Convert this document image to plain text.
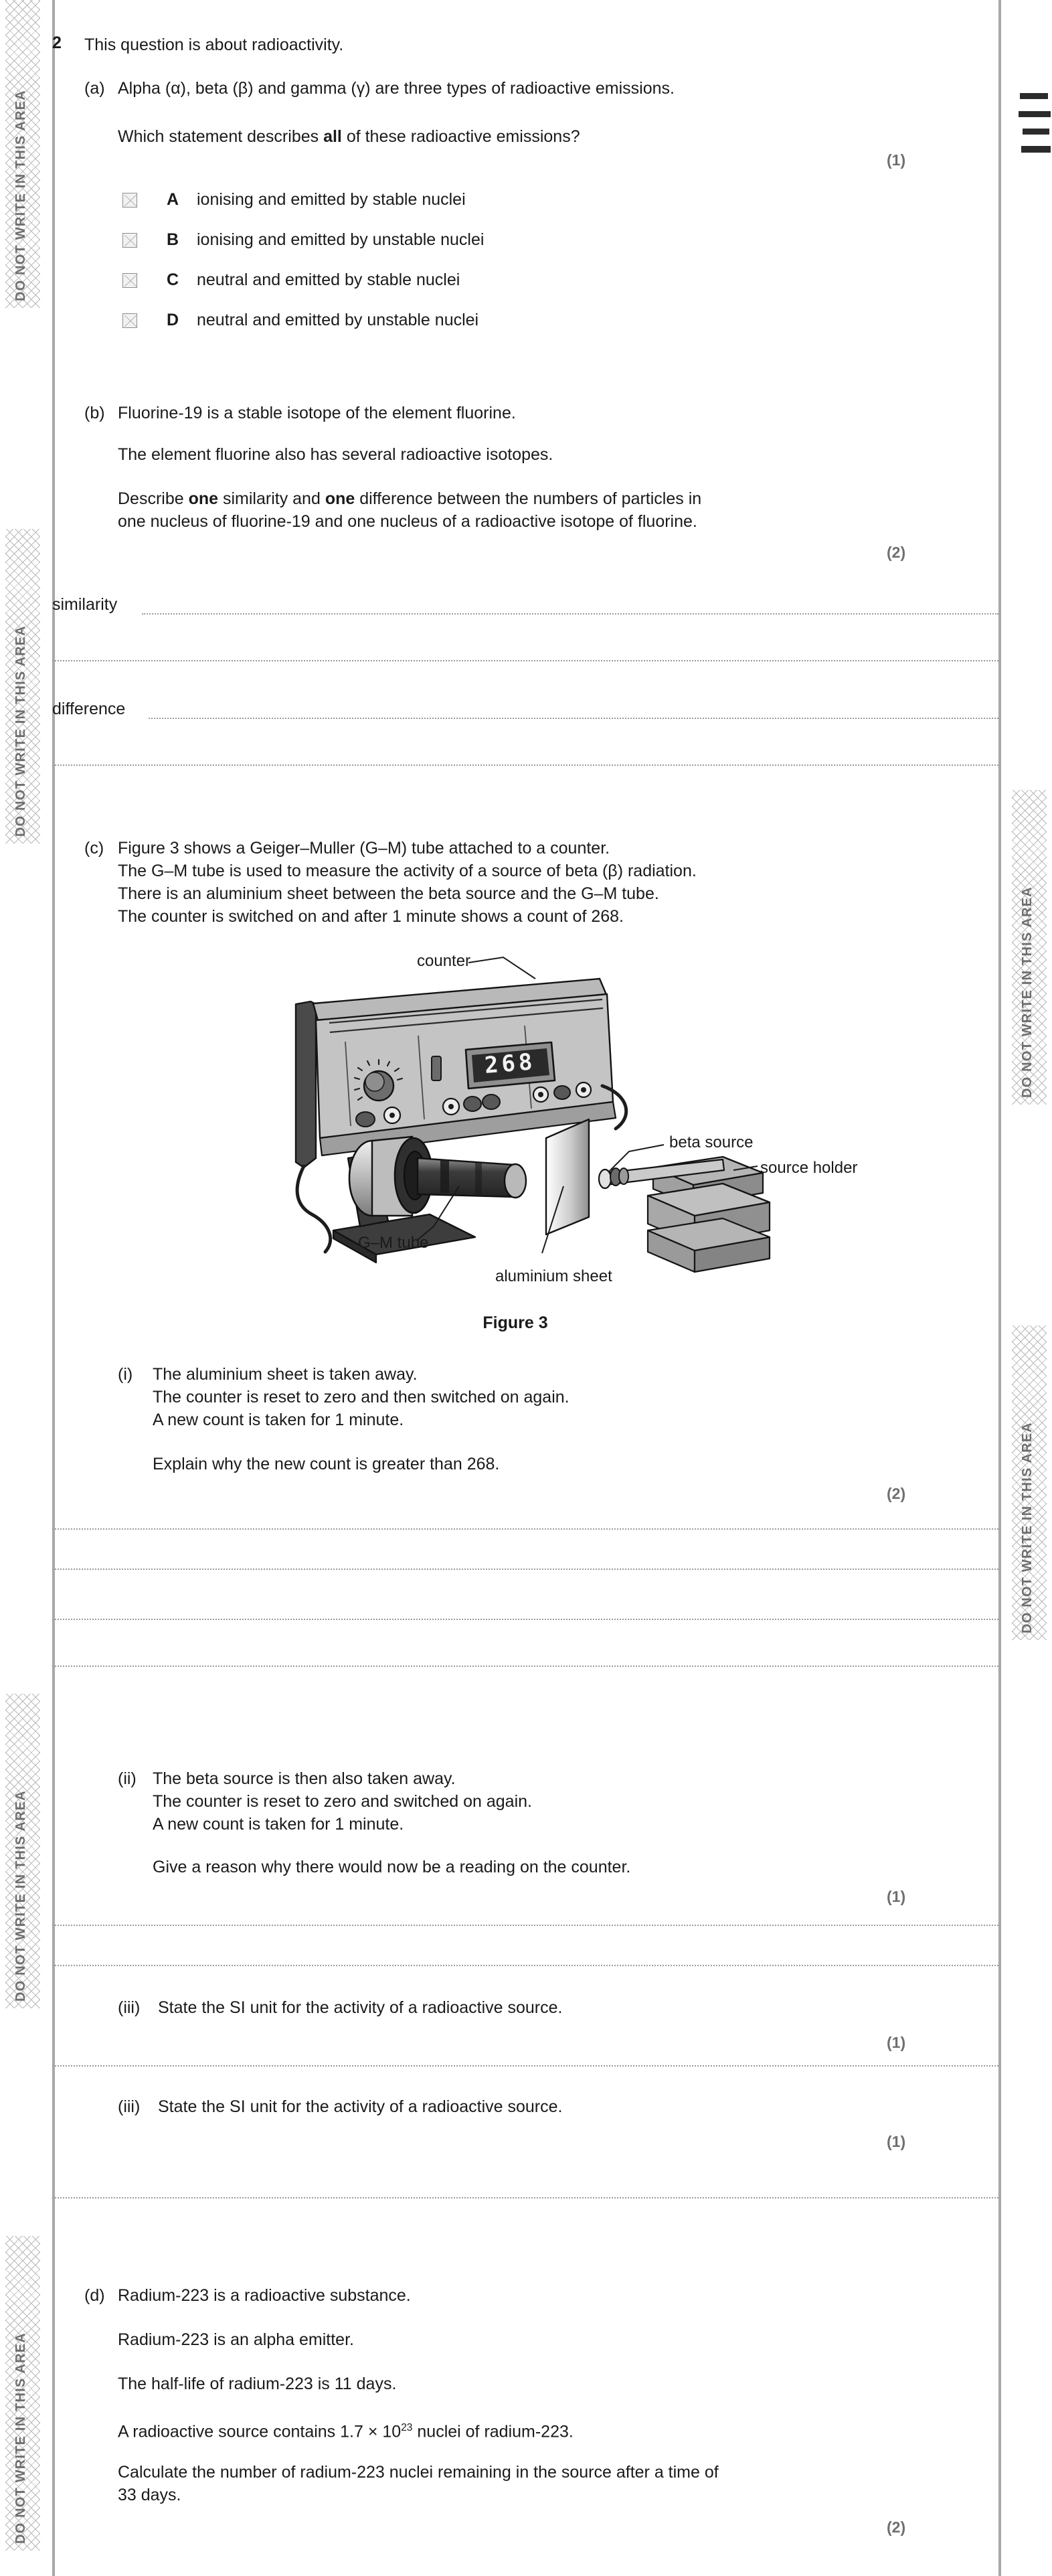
DO NOT WRITE IN THIS AREA
DO NOT WRITE IN THIS AREA
DO NOT WRITE IN THIS AREA
DO NOT WRITE IN THIS AREA
DO NOT WRITE IN THIS AREA
DO NOT WRITE IN THIS AREA
2 This question is about radioactivity.
(a) Alpha (α), beta (β) and gamma (γ) are three types of radioactive emissions.
Which statement describes all of these radioactive emissions?
(1)
A ionising and emitted by stable nuclei
B ionising and emitted by unstable nuclei
C neutral and emitted by stable nuclei
D neutral and emitted by unstable nuclei
(b) Fluorine-19 is a stable isotope of the element fluorine.
The element fluorine also has several radioactive isotopes.
Describe one similarity and one difference between the numbers of particles in
one nucleus of fluorine-19 and one nucleus of a radioactive isotope of fluorine.
(2)
similarity
difference
(c) Figure 3 shows a Geiger–Muller (G–M) tube attached to a counter.
The G–M tube is used to measure the activity of a source of beta (β) radiation.
There is an aluminium sheet between the beta source and the G–M tube.
The counter is switched on and after 1 minute shows a count of 268.
268
counter
beta source
source holder
G–M tube
aluminium sheet
Figure 3
(i) The aluminium sheet is taken away.
The counter is reset to zero and then switched on again.
A new count is taken for 1 minute.
Explain why the new count is greater than 268.
(2)
(ii) The beta source is then also taken away.
The counter is reset to zero and switched on again.
A new count is taken for 1 minute.
Give a reason why there would now be a reading on the counter.
(1)
(iii) State the SI unit for the activity of a radioactive source.
(1)
(iii) State the SI unit for the activity of a radioactive source.
(1)
(d) Radium-223 is a radioactive substance.
Radium-223 is an alpha emitter.
The half-life of radium-223 is 11 days.
A radioactive source contains $1.7 \times 10^{23}$ nuclei of radium-223.
Calculate the number of radium-223 nuclei remaining in the source after a time of
33 days.
(2)
